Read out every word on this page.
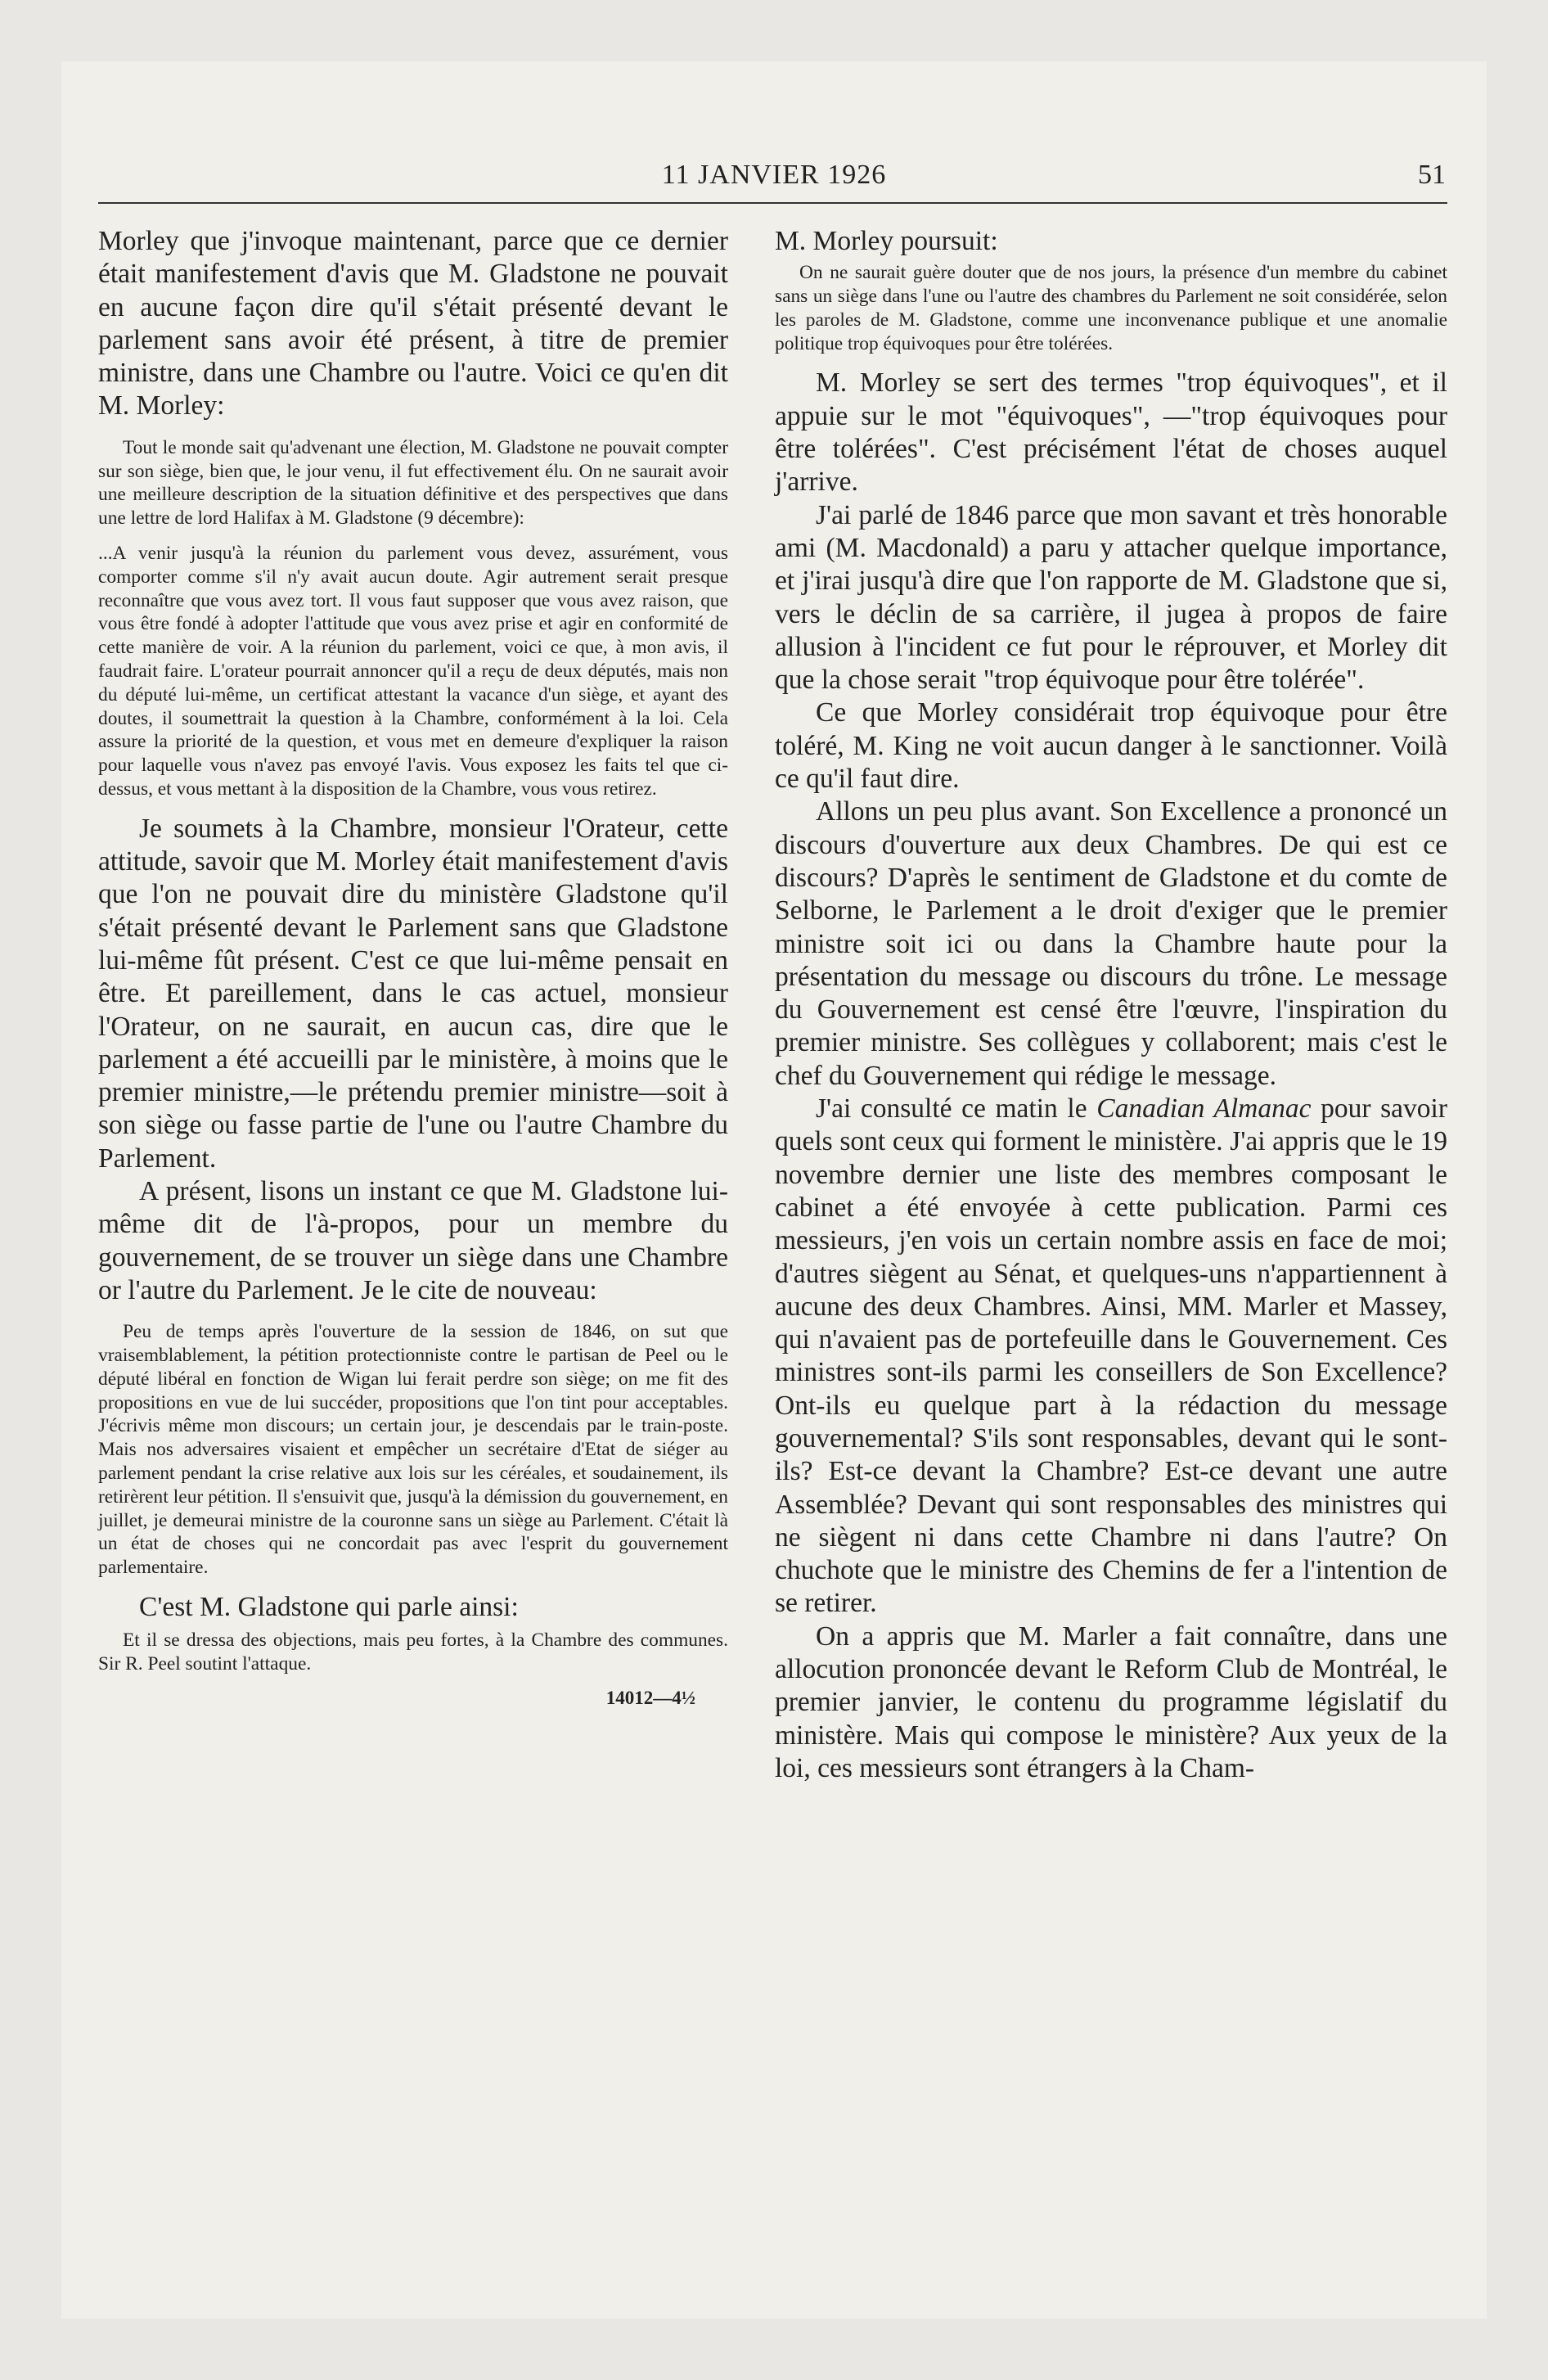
11 JANVIER 1926	51

Morley que j'invoque maintenant, parce que ce dernier était manifestement d'avis que M. Gladstone ne pouvait en aucune façon dire qu'il s'était présenté devant le parlement sans avoir été présent, à titre de premier ministre, dans une Chambre ou l'autre. Voici ce qu'en dit M. Morley:

Tout le monde sait qu'advenant une élection, M. Gladstone ne pouvait compter sur son siège, bien que, le jour venu, il fut effectivement élu. On ne saurait avoir une meilleure description de la situation définitive et des perspectives que dans une lettre de lord Halifax à M. Gladstone (9 décembre):

...A venir jusqu'à la réunion du parlement vous devez, assurément, vous comporter comme s'il n'y avait aucun doute. Agir autrement serait presque reconnaître que vous avez tort. Il vous faut supposer que vous avez raison, que vous être fondé à adopter l'attitude que vous avez prise et agir en conformité de cette manière de voir. A la réunion du parlement, voici ce que, à mon avis, il faudrait faire. L'orateur pourrait annoncer qu'il a reçu de deux députés, mais non du député lui-même, un certificat attestant la vacance d'un siège, et ayant des doutes, il soumettrait la question à la Chambre, conformément à la loi. Cela assure la priorité de la question, et vous met en demeure d'expliquer la raison pour laquelle vous n'avez pas envoyé l'avis. Vous exposez les faits tel que ci-dessus, et vous mettant à la disposition de la Chambre, vous vous retirez.

Je soumets à la Chambre, monsieur l'Orateur, cette attitude, savoir que M. Morley était manifestement d'avis que l'on ne pouvait dire du ministère Gladstone qu'il s'était présenté devant le Parlement sans que Gladstone lui-même fût présent. C'est ce que lui-même pensait en être. Et pareillement, dans le cas actuel, monsieur l'Orateur, on ne saurait, en aucun cas, dire que le parlement a été accueilli par le ministère, à moins que le premier ministre,—le prétendu premier ministre—soit à son siège ou fasse partie de l'une ou l'autre Chambre du Parlement.

A présent, lisons un instant ce que M. Gladstone lui-même dit de l'à-propos, pour un membre du gouvernement, de se trouver un siège dans une Chambre or l'autre du Parlement. Je le cite de nouveau:

Peu de temps après l'ouverture de la session de 1846, on sut que vraisemblablement, la pétition protectionniste contre le partisan de Peel ou le député libéral en fonction de Wigan lui ferait perdre son siège; on me fit des propositions en vue de lui succéder, propositions que l'on tint pour acceptables. J'écrivis même mon discours; un certain jour, je descendais par le train-poste. Mais nos adversaires visaient et empêcher un secrétaire d'Etat de siéger au parlement pendant la crise relative aux lois sur les céréales, et soudainement, ils retirèrent leur pétition. Il s'ensuivit que, jusqu'à la démission du gouvernement, en juillet, je demeurai ministre de la couronne sans un siège au Parlement. C'était là un état de choses qui ne concordait pas avec l'esprit du gouvernement parlementaire.

C'est M. Gladstone qui parle ainsi:

Et il se dressa des objections, mais peu fortes, à la Chambre des communes. Sir R. Peel soutint l'attaque.

14012—4½

M. Morley poursuit:

On ne saurait guère douter que de nos jours, la présence d'un membre du cabinet sans un siège dans l'une ou l'autre des chambres du Parlement ne soit considérée, selon les paroles de M. Gladstone, comme une inconvenance publique et une anomalie politique trop équivoques pour être tolérées.

M. Morley se sert des termes "trop équivoques", et il appuie sur le mot "équivoques", —"trop équivoques pour être tolérées". C'est précisément l'état de choses auquel j'arrive.

J'ai parlé de 1846 parce que mon savant et très honorable ami (M. Macdonald) a paru y attacher quelque importance, et j'irai jusqu'à dire que l'on rapporte de M. Gladstone que si, vers le déclin de sa carrière, il jugea à propos de faire allusion à l'incident ce fut pour le réprouver, et Morley dit que la chose serait "trop équivoque pour être tolérée".

Ce que Morley considérait trop équivoque pour être toléré, M. King ne voit aucun danger à le sanctionner. Voilà ce qu'il faut dire.

Allons un peu plus avant. Son Excellence a prononcé un discours d'ouverture aux deux Chambres. De qui est ce discours? D'après le sentiment de Gladstone et du comte de Selborne, le Parlement a le droit d'exiger que le premier ministre soit ici ou dans la Chambre haute pour la présentation du message ou discours du trône. Le message du Gouvernement est censé être l'œuvre, l'inspiration du premier ministre. Ses collègues y collaborent; mais c'est le chef du Gouvernement qui rédige le message.

J'ai consulté ce matin le Canadian Almanac pour savoir quels sont ceux qui forment le ministère. J'ai appris que le 19 novembre dernier une liste des membres composant le cabinet a été envoyée à cette publication. Parmi ces messieurs, j'en vois un certain nombre assis en face de moi; d'autres siègent au Sénat, et quelques-uns n'appartiennent à aucune des deux Chambres. Ainsi, MM. Marler et Massey, qui n'avaient pas de portefeuille dans le Gouvernement. Ces ministres sont-ils parmi les conseillers de Son Excellence? Ont-ils eu quelque part à la rédaction du message gouvernemental? S'ils sont responsables, devant qui le sont-ils? Est-ce devant la Chambre? Est-ce devant une autre Assemblée? Devant qui sont responsables des ministres qui ne siègent ni dans cette Chambre ni dans l'autre? On chuchote que le ministre des Chemins de fer a l'intention de se retirer.

On a appris que M. Marler a fait connaître, dans une allocution prononcée devant le Reform Club de Montréal, le premier janvier, le contenu du programme législatif du ministère. Mais qui compose le ministère? Aux yeux de la loi, ces messieurs sont étrangers à la Cham-
